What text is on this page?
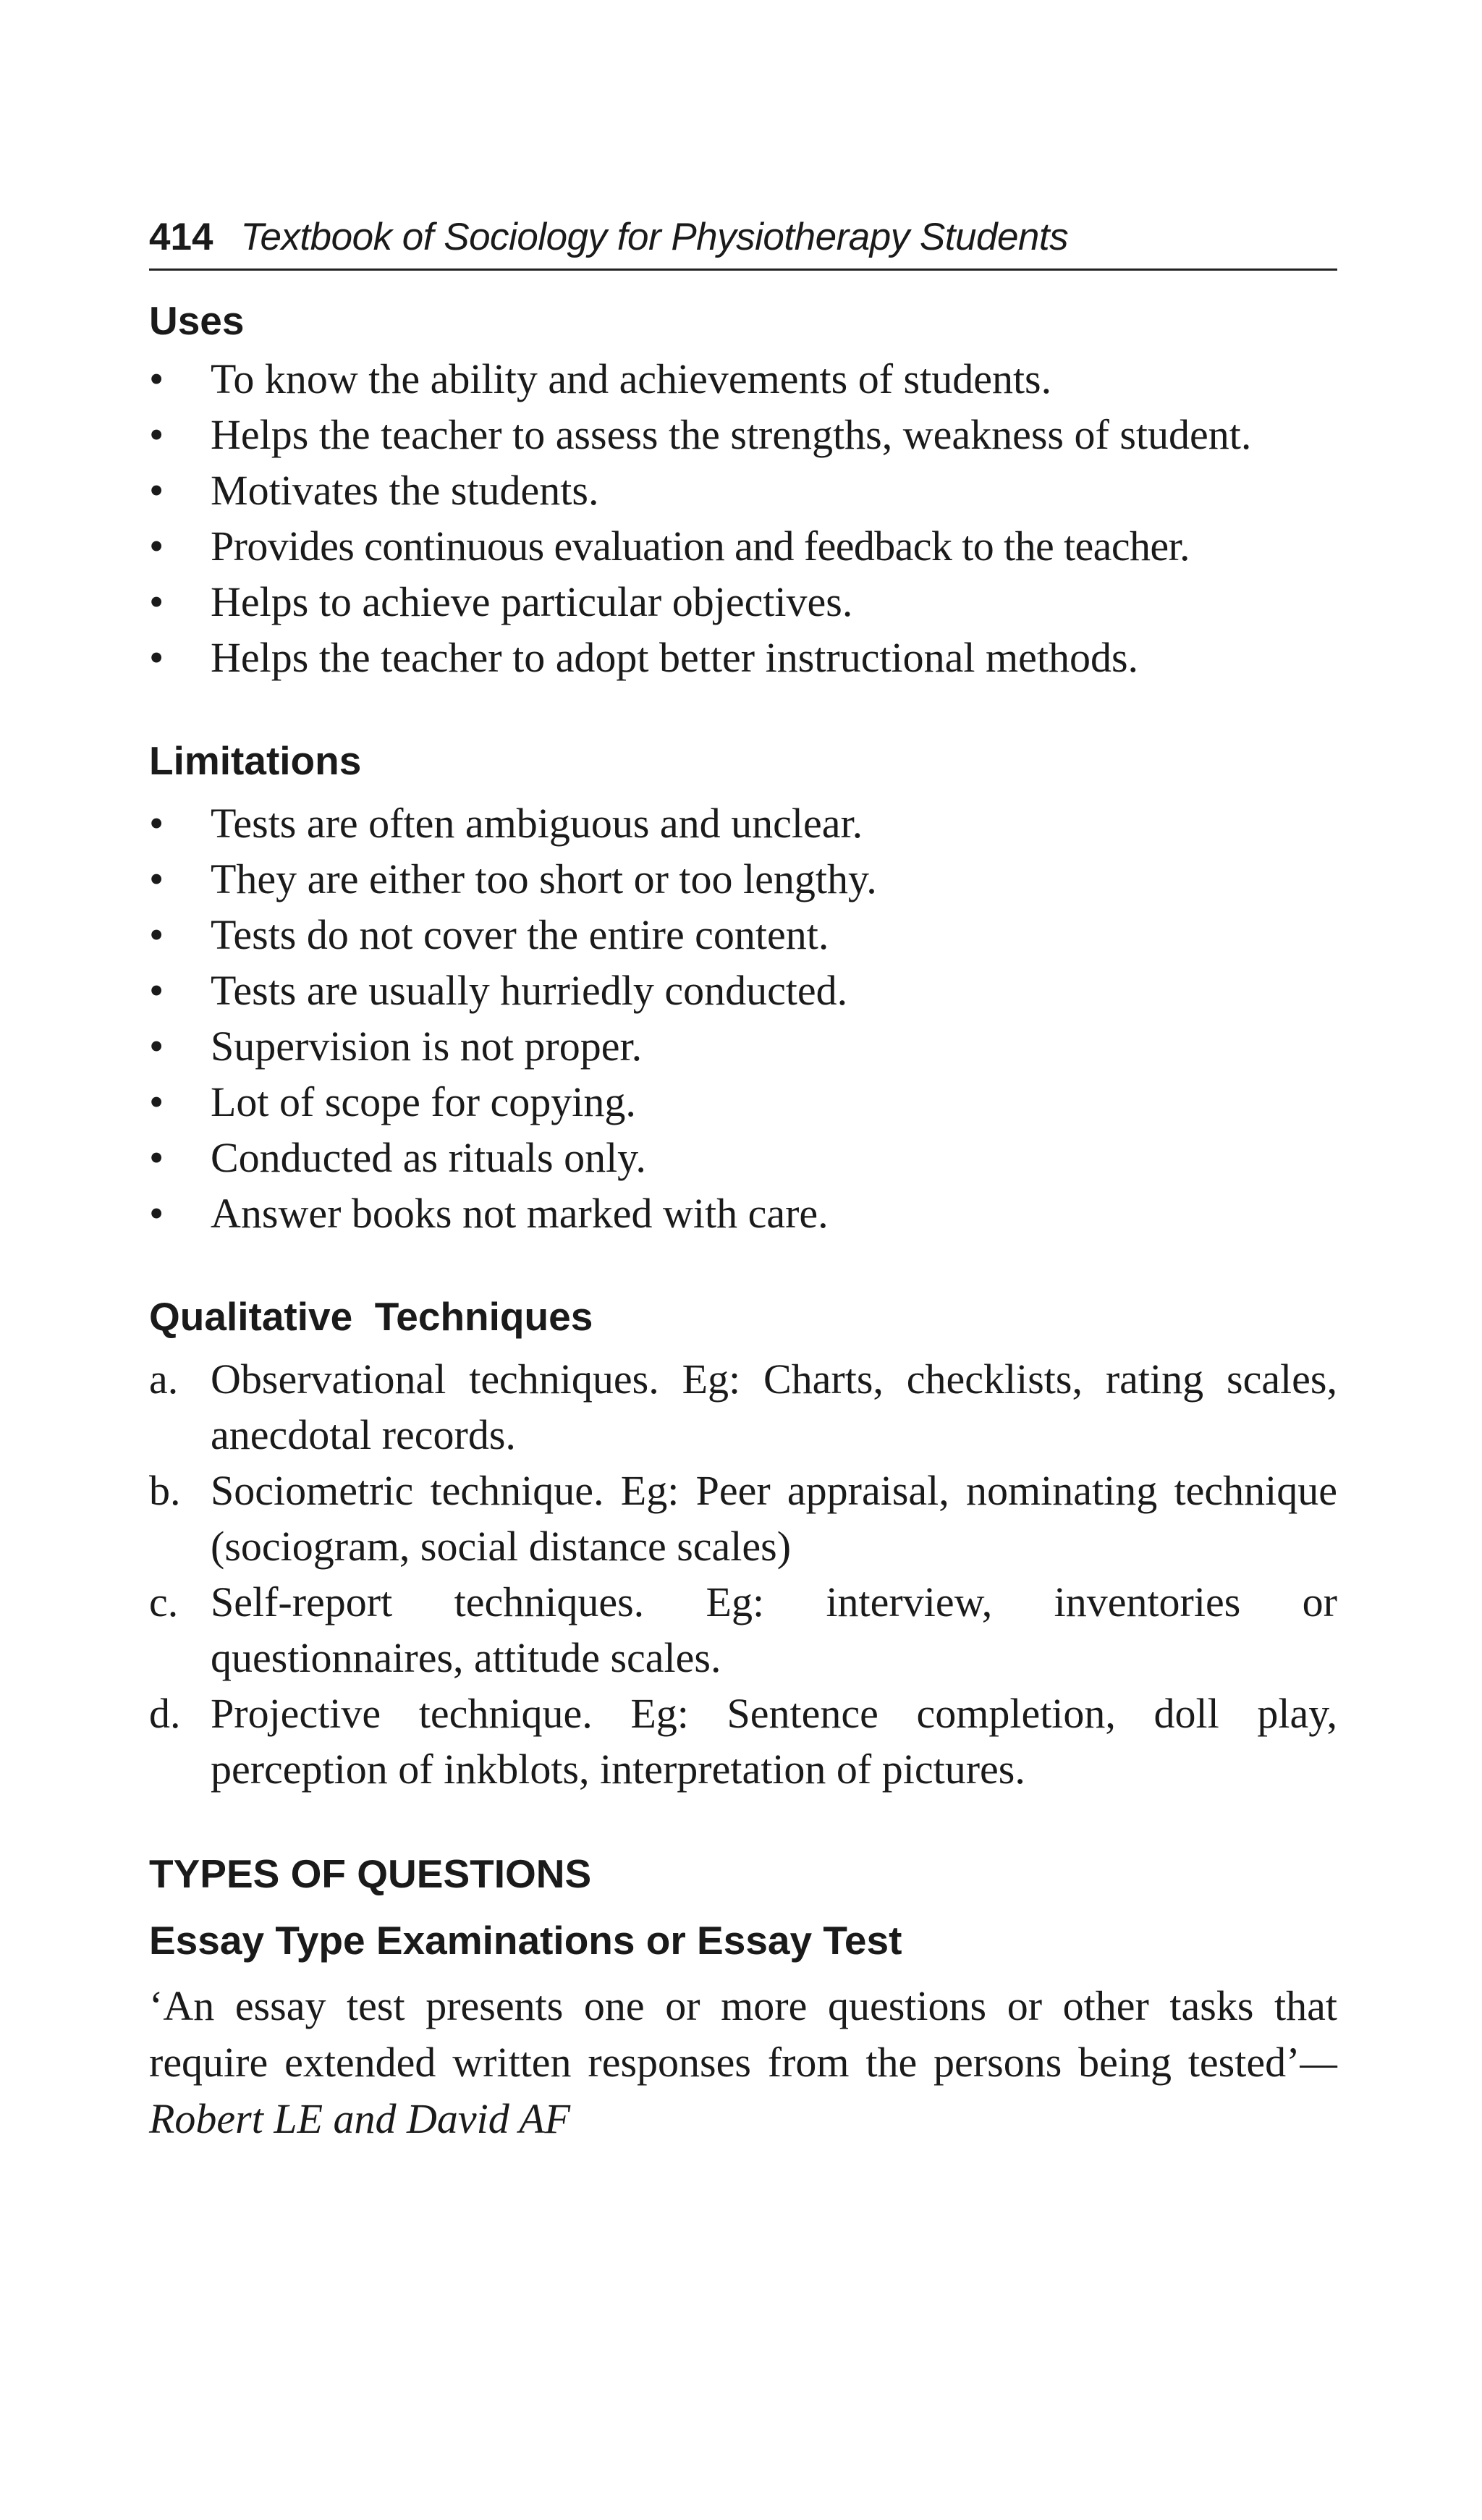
414 Textbook of Sociology for Physiotherapy Students
Uses
•	To know the ability and achievements of students.
•	Helps the teacher to assess the strengths, weakness of student.
•	Motivates the students.
•	Provides continuous evaluation and feedback to the teacher.
•	Helps to achieve particular objectives.
•	Helps the teacher to adopt better instructional methods.
Limitations
•	Tests are often ambiguous and unclear.
•	They are either too short or too lengthy.
•	Tests do not cover the entire content.
•	Tests are usually hurriedly conducted.
•	Supervision is not proper.
•	Lot of scope for copying.
•	Conducted as rituals only.
•	Answer books not marked with care.
Qualitative  Techniques
a. Observational techniques. Eg: Charts, checklists, rating scales, anecdotal records.
b. Sociometric technique. Eg: Peer appraisal, nominating technique (sociogram, social distance scales)
c. Self-report techniques. Eg: interview, inventories or questionnaires, attitude scales.
d. Projective technique. Eg: Sentence completion, doll play, perception of inkblots, interpretation of pictures.
TYPES OF QUESTIONS
Essay Type Examinations or Essay Test

‘An essay test presents one or more questions or other tasks that require extended written responses from the persons being tested’—Robert LE and David AF
